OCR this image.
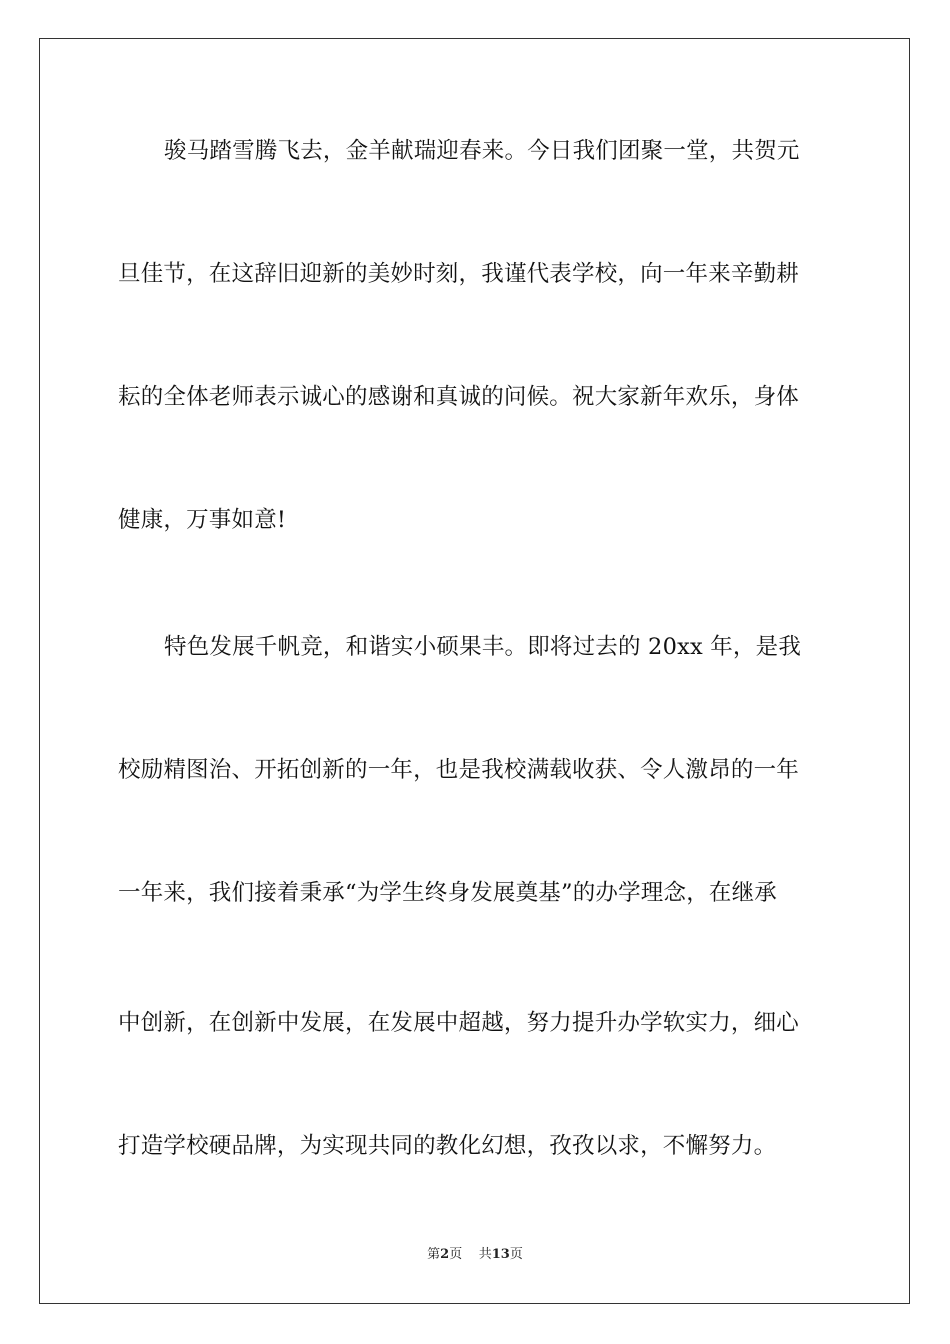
骏马踏雪腾飞去，金羊献瑞迎春来。今日我们团聚一堂，共贺元
旦佳节，在这辞旧迎新的美妙时刻，我谨代表学校，向一年来辛勤耕
耘的全体老师表示诚心的感谢和真诚的问候。祝大家新年欢乐，身体
健康，万事如意!
特色发展千帆竞，和谐实小硕果丰。即将过去的 20xx 年，是我
校励精图治、开拓创新的一年，也是我校满载收获、令人激昂的一年
一年来，我们接着秉承“为学生终身发展奠基”的办学理念，在继承
中创新，在创新中发展，在发展中超越，努力提升办学软实力，细心
打造学校硬品牌，为实现共同的教化幻想，孜孜以求，不懈努力。
第2页 共13页
